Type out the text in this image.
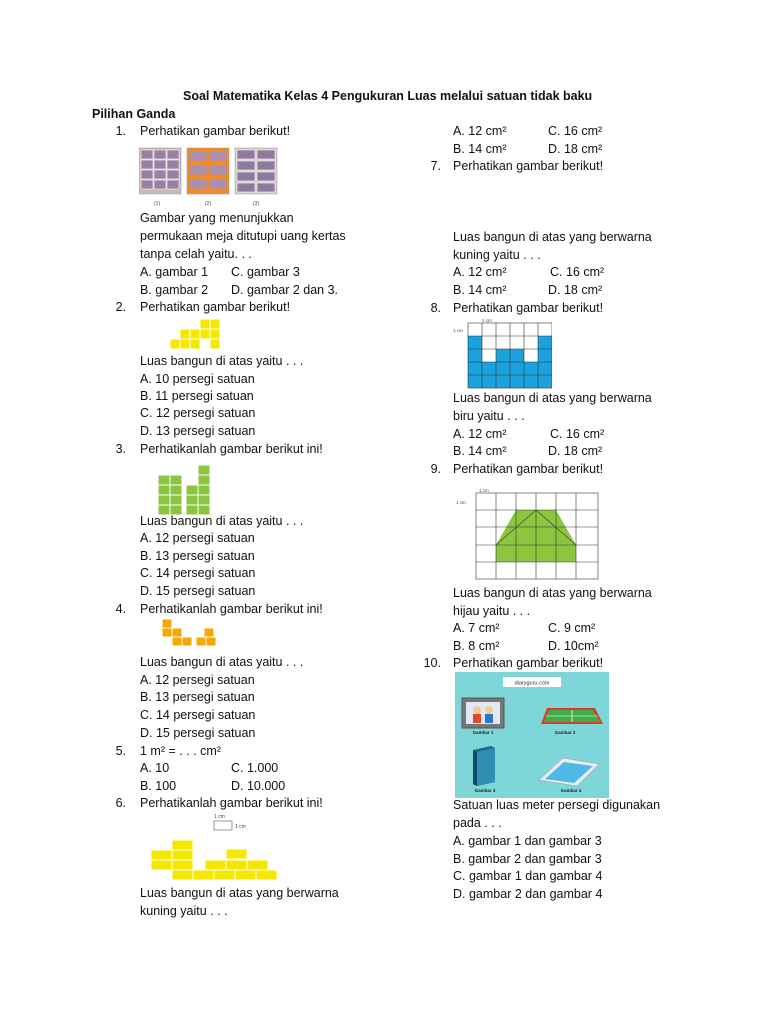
Soal Matematika Kelas 4 Pengukuran Luas melalui satuan tidak baku
Pilihan Ganda
1. Perhatikan gambar berikut!
(1)	(2)	(3)
Gambar yang menunjukkan
permukaan meja ditutupi uang kertas
tanpa celah yaitu. . .
A. gambar 1 C. gambar 3
B. gambar 2 D. gambar 2 dan 3.
2. Perhatikan gambar berikut!
Luas bangun di atas yaitu . . .
A. 10 persegi satuan
B. 11 persegi satuan
C. 12 persegi satuan
D. 13 persegi satuan
3. Perhatikanlah gambar berikut ini!
Luas bangun di atas yaitu . . .
A. 12 persegi satuan
B. 13 persegi satuan
C. 14 persegi satuan
D. 15 persegi satuan
4. Perhatikanlah gambar berikut ini!
Luas bangun di atas yaitu . . .
A. 12 persegi satuan
B. 13 persegi satuan
C. 14 persegi satuan
D. 15 persegi satuan
5. 1 m² = . . . cm²
A. 10	C. 1.000
B. 100	D. 10.000
6. Perhatikanlah gambar berikut ini!
1 cm
1 cm
Luas bangun di atas yang berwarna
kuning yaitu . . .
A. 12 cm²	C. 16 cm²
B. 14 cm²	D. 18 cm²
7. Perhatikan gambar berikut!
Luas bangun di atas yang berwarna
kuning yaitu . . .
A. 12 cm²	C. 16 cm²
B. 14 cm²	D. 18 cm²
8. Perhatikan gambar berikut!
1 cm
1 cm
Luas bangun di atas yang berwarna
biru yaitu . . .
A. 12 cm²	C. 16 cm²
B. 14 cm²	D. 18 cm²
9. Perhatikan gambar berikut!
1 cm
1 cm
Luas bangun di atas yang berwarna
hijau yaitu . . .
A. 7 cm²	C. 9 cm²
B. 8 cm²	D. 10cm²
10. Perhatikan gambar berikut!
diaryguru.com
Gambar 1	Gambar 2
Gambar 3	Gambar 4
Satuan luas meter persegi digunakan
pada . . .
A. gambar 1 dan gambar 3
B. gambar 2 dan gambar 3
C. gambar 1 dan gambar 4
D. gambar 2 dan gambar 4
